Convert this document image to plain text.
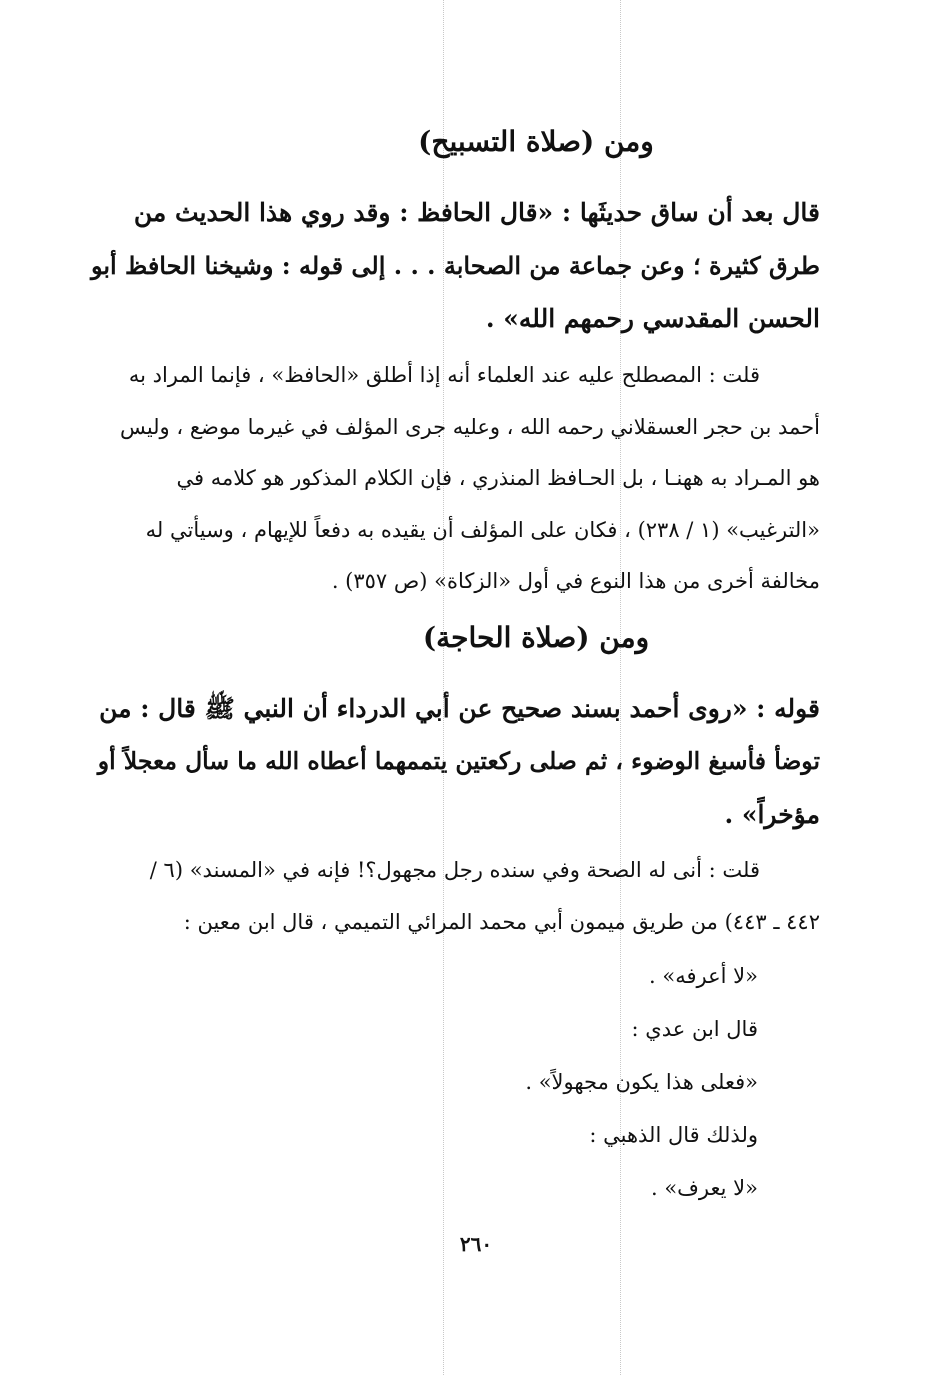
ومن (صلاة التسبيح)
قال بعد أن ساق حديثَها : «قال الحافظ : وقد روي هذا الحديث من
طرق كثيرة ؛ وعن جماعة من الصحابة . . . إلى قوله : وشيخنا الحافظ أبو
الحسن المقدسي رحمهم الله» .
قلت : المصطلح عليه عند العلماء أنه إذا أطلق «الحافظ» ، فإنما المراد به
أحمد بن حجر العسقلاني رحمه الله ، وعليه جرى المؤلف في غيرما موضع ، وليس
هو المـراد به ههنـا ، بل الحـافظ المنذري ، فإن الكلام المذكور هو كلامه في
«الترغيب» (١ / ٢٣٨) ، فكان على المؤلف أن يقيده به دفعاً للإيهام ، وسيأتي له
مخالفة أخرى من هذا النوع في أول «الزكاة» (ص ٣٥٧) .
ومن (صلاة الحاجة)
قوله : «روى أحمد بسند صحيح عن أبي الدرداء أن النبي ﷺ قال : من
توضأ فأسبغ الوضوء ، ثم صلى ركعتين يتممهما أعطاه الله ما سأل معجلاً أو
مؤخراً» .
قلت : أنى له الصحة وفي سنده رجل مجهول؟! فإنه في «المسند» (٦ /
٤٤٢ ـ ٤٤٣) من طريق ميمون أبي محمد المرائي التميمي ، قال ابن معين :
«لا أعرفه» .
قال ابن عدي :
«فعلى هذا يكون مجهولاً» .
ولذلك قال الذهبي :
«لا يعرف» .
٢٦٠
